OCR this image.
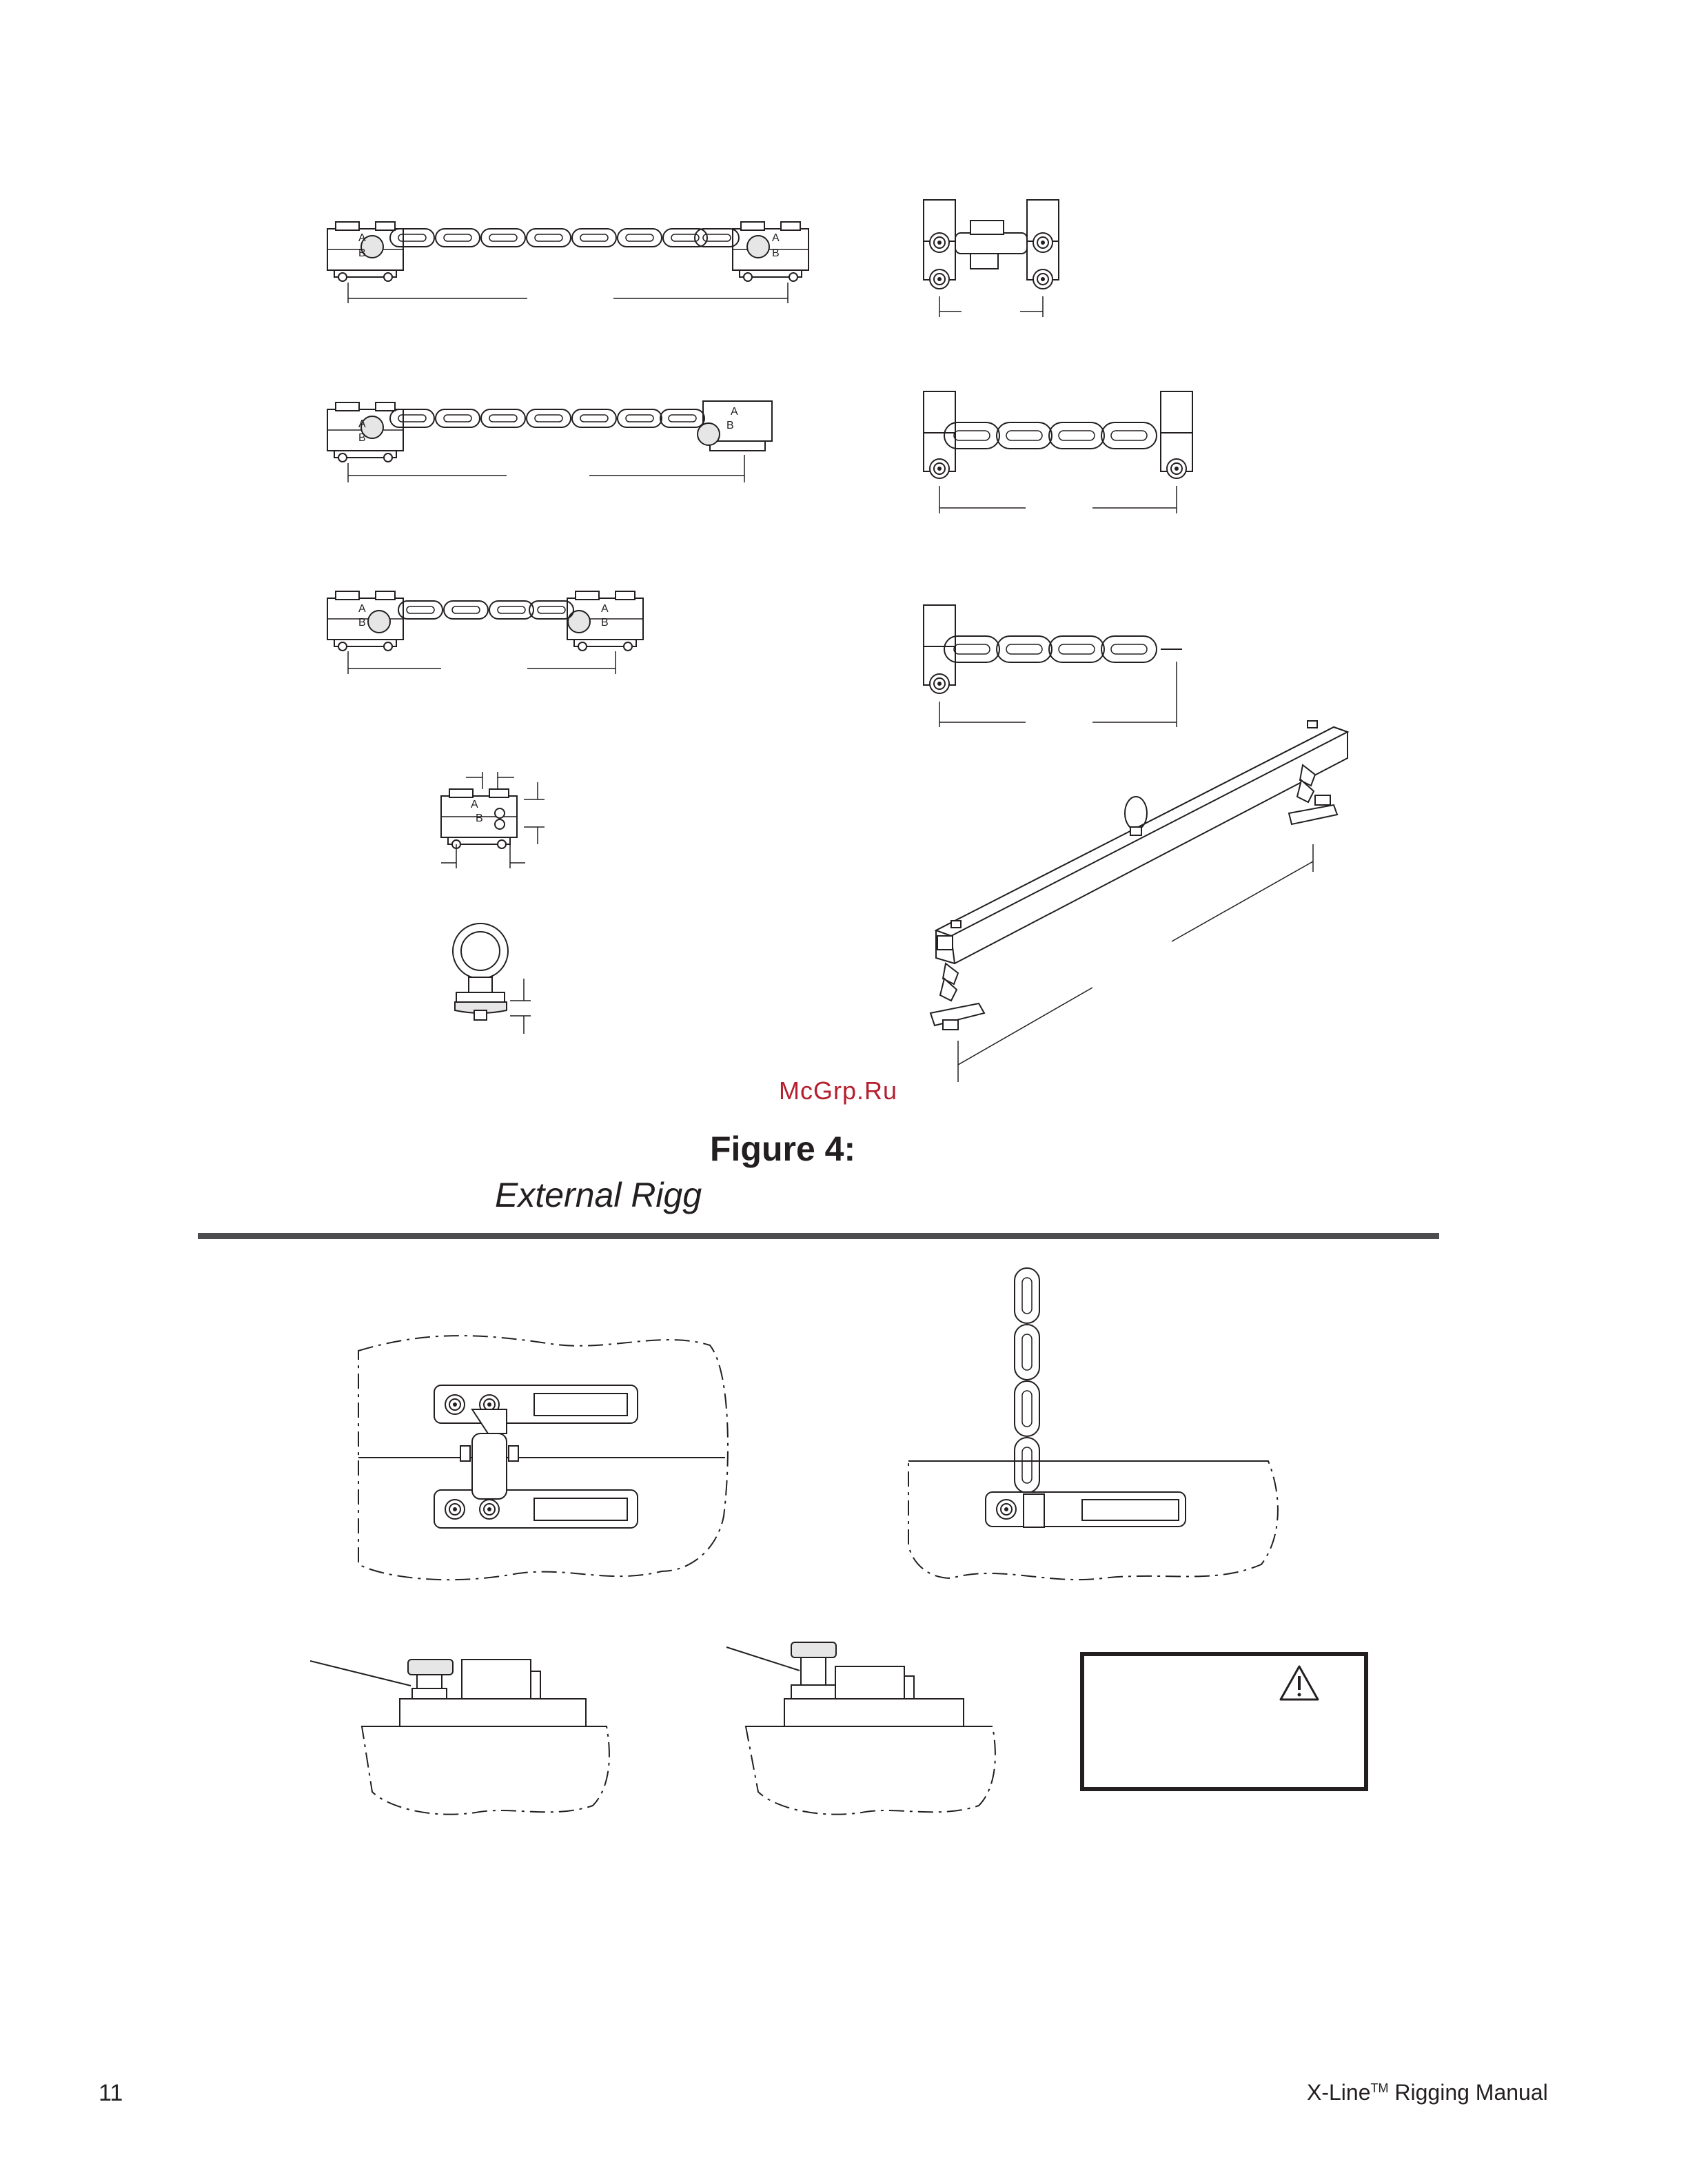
A
B
A
B
A
B
A
B
A
B
A
B
A
B
McGrp.Ru
Figure 4:
External Rigg
11	X-Line™ Rigging Manual
